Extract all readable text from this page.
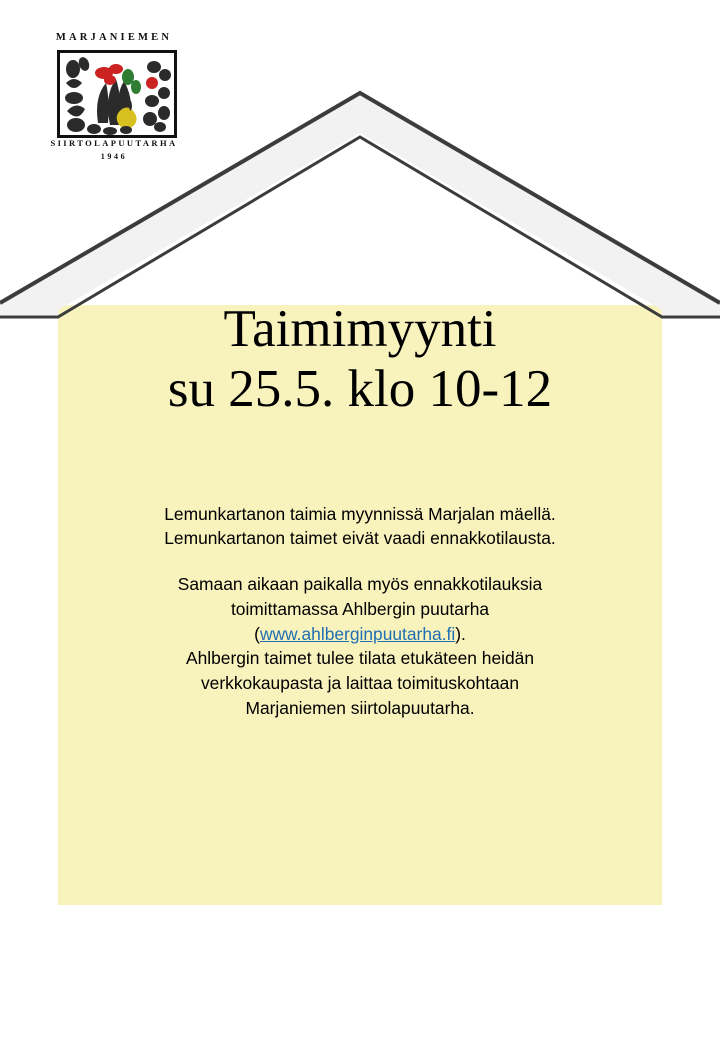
MARJANIEMEN
SIIRTOLAPUUTARHA
1946
Taimimyynti
su 25.5. klo 10-12

Lemunkartanon taimia myynnissä Marjalan mäellä.
Lemunkartanon taimet eivät vaadi ennakkotilausta.

Samaan aikaan paikalla myös ennakkotilauksia
toimittamassa Ahlbergin puutarha
(www.ahlberginpuutarha.fi).
Ahlbergin taimet tulee tilata etukäteen heidän
verkkokaupasta ja laittaa toimituskohtaan
Marjaniemen siirtolapuutarha.
